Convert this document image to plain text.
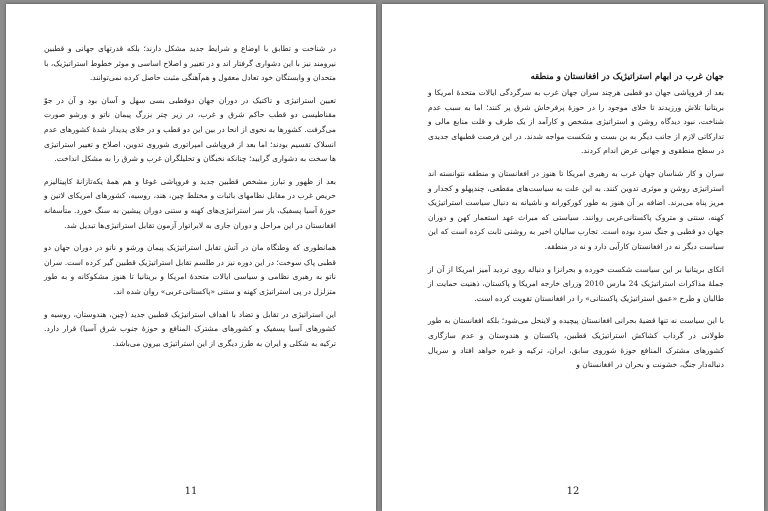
در شناخت و تطابق با اوضاع و شرایط جدید مشکل دارند؛ بلکه قدرتهای جهانی و قطبین نیرومند نیز با این دشواری گرفتار اند و در تغییر و اصلاح اساسی و موثر خطوط استراتیژیک، با متحدان و وابستگان خود تعادل معقول و هم‌آهنگی مثبت حاصل کرده نمی‌توانند.

تعیین استراتیژی و تاکتیک در دوران جهان دوقطبی بسی سهل و آسان بود و آن در جوّ مقناطیسی دو قطب حاکم شرق و غرب، در زیر چتر بزرگ پیمان ناتو و ورشو صورت می‌گرفت. کشورها به نحوی از انحا در بین این دو قطب و در خلای پدیدار شدهٔ کشورهای عدم انسلاک تقسیم بودند؛ اما بعد از فروپاشی امپراتوری شوروی تدوین، اصلاح و تغییر استراتیژی ها سخت به دشواری گرایید؛ چنانکه نخبگان و تحلیلگران غرب و شرق را به مشکل انداخت.

بعد از ظهور و تبارز مشخص قطبین جدید و فروپاشی غوغا و هم همهٔ یکه‌تازانهٔ کاپیتالیزم حریص غرب در مقابل نظامهای باثبات و مختلط چین، هند، روسیه، کشورهای امریکای لاتین و حوزهٔ آسیا پسفیک، باز سر استراتیژی‌های کهنه و ستنی دوران پیشین به سنگ خورد. متأسفانه افغانستان در این مراحل و دوران جاری به لابراتوار آزمون تقابل استراتیژی‌ها تبدیل شد.

همانطوری که وطنگاه مان در آتش تقابل استراتیژیک پیمان ورشو و ناتو در دوران جهان دو قطبی پاک سوخت؛ در این دوره نیز در طلسم تقابل استراتیژیک قطبین گیر کرده است. سران ناتو به رهبری نظامی و سیاسی ایالات متحدهٔ امریکا و بریتانیا تا هنوز مشکوکانه و به طور متزلزل در پی استراتیژی کهنه و ستنی «پاکستانی‌عربی» روان شده اند.

این استراتیژی در تقابل و تضاد با اهداف استراتیژیک قطبین جدید (چین، هندوستان، روسیه و کشورهای آسیا پسفیک و کشورهای مشترک المنافع و حوزهٔ جنوب شرق آسیا) قرار دارد. ترکیه به شکلی و ایران به طرز دیگری از این استراتیژی بیرون می‌باشد.

11
جهان غرب در ابهام استراتیژیک در افغانستان و منطقه

بعد از فروپاشی جهان دو قطبی هرچند سران جهان غرب به سرگردگی ایالات متحدهٔ امریکا و بریتانیا تلاش ورزیدند تا خلای موجود را در حوزهٔ پرفرخاش شرق پر کنند؛ اما به سبب عدم شناخت، نبود دیدگاه روشن و استراتیژی مشخص و کارآمد از یک طرف و قلت منابع مالی و تدارکاتی لازم از جانب دیگر به بن بست و شکست مواجه شدند. در این فرصت قطبهای جدیدی در سطح منطقوی و جهانی عرض اندام کردند.

سران و کار شناسان جهان غرب به رهبری امریکا تا هنوز در افغانستان و منطقه نتوانسته اند استراتیژی روشن و موثری تدوین کنند. به این علت به سیاست‌های مقطعی، چندپهلو و کجدار و مریز پناه می‌برند. اضافه بر آن هنوز به طور کورکورانه و ناشیانه به دنبال سیاست استراتیژیک کهنه، سنتی و متروک پاکستانی‌عربی روانند. سیاستی که میراث عهد استعمار کهن و دوران جهان دو قطبی و جنگ سرد بوده است. تجارب سالیان اخیر به روشنی ثابت کرده است که این سیاست دیگر نه در افغانستان کارآیی دارد و نه در منطقه.

اتکای بریتانیا بر این سیاست شکست خورده و بحرانزا و دنباله روی تردید آمیز امریکا از آن از جملهٔ مذاکرات استراتیژیک 24 مارس 2010 وزرای خارجه امریکا و پاکستان، ذهنیت حمایت از طالبان و طرح «عمق استراتیژیک پاکستانی» را در افغانستان تقویت کرده است.

با این سیاست نه تنها قضیهٔ بحرانی افغانستان پیچیده و لاینحل می‌شود؛ بلکه افغانستان به طور طولانی در گرداب کشاکش استراتیژیک قطبین، پاکستان و هندوستان و عدم سازگاری کشورهای مشترک المنافع حوزهٔ شوروی سابق، ایران، ترکیه و غیره خواهد افتاد و سریال دنباله‌دار جنگ، خشونت و بحران در افغانستان و

12
